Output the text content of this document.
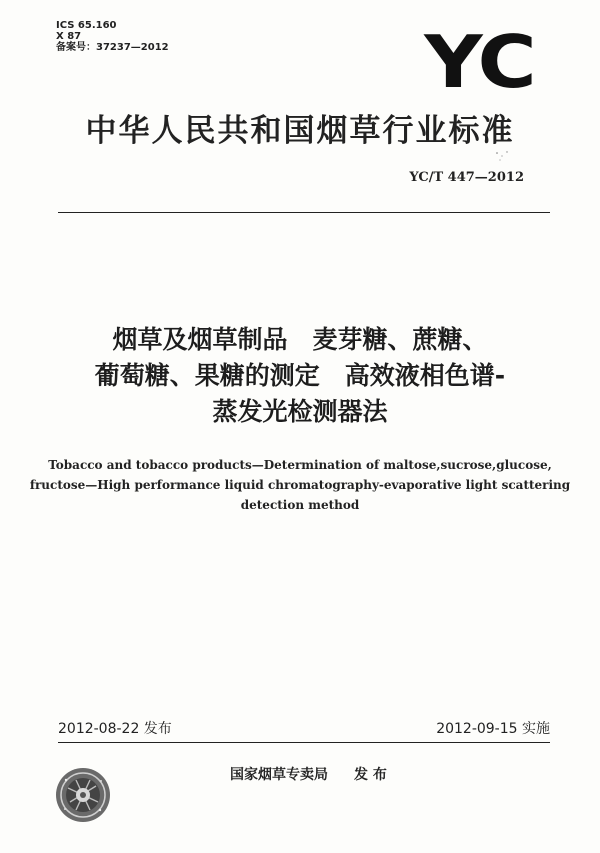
ICS 65.160
X 87
备案号：37237—2012	YC
中华人民共和国烟草行业标准
YC/T 447—2012
烟草及烟草制品　麦芽糖、蔗糖、
葡萄糖、果糖的测定　高效液相色谱-
蒸发光检测器法
Tobacco and tobacco products—Determination of maltose,sucrose,glucose,
fructose—High performance liquid chromatography-evaporative light scattering
detection method
2012-08-22 发布	2012-09-15 实施
国家烟草专卖局 发 布
